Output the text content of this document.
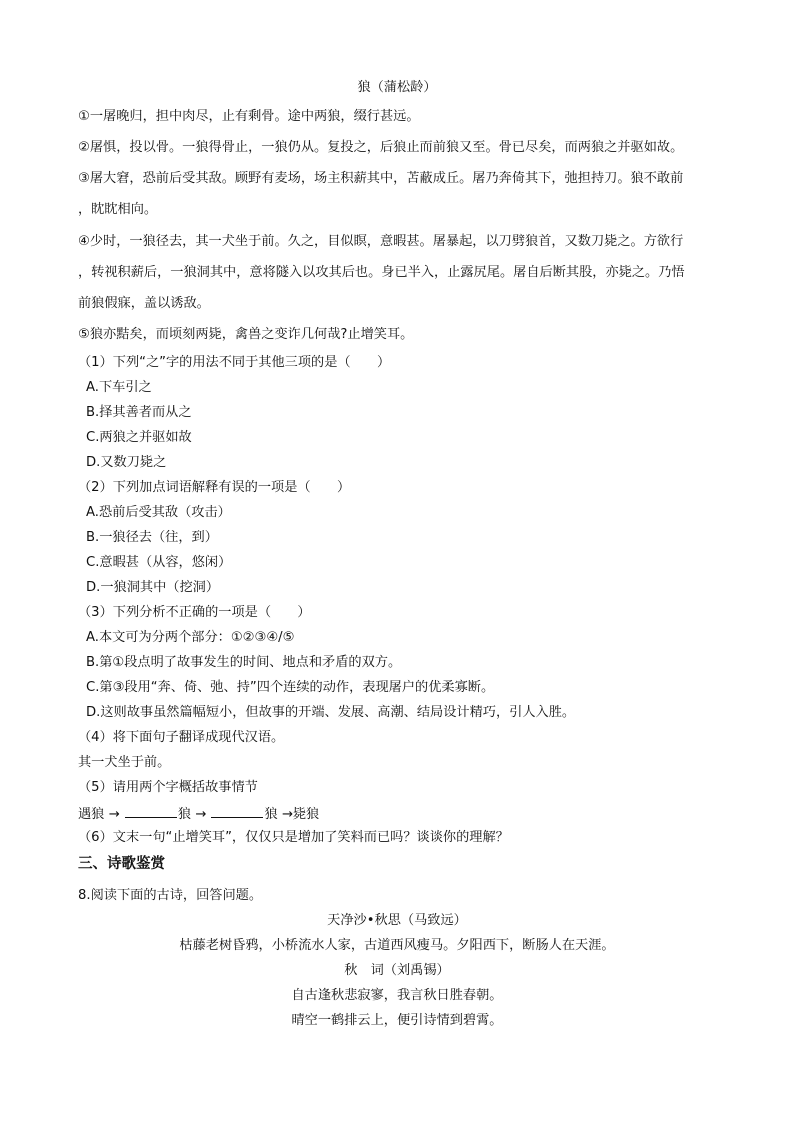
狼（蒲松龄）
①一屠晚归，担中肉尽，止有剩骨。途中两狼，缀行甚远。
②屠惧，投以骨。一狼得骨止，一狼仍从。复投之，后狼止而前狼又至。骨已尽矣，而两狼之并驱如故。
③屠大窘，恐前后受其敌。顾野有麦场，场主积薪其中，苫蔽成丘。屠乃奔倚其下，弛担持刀。狼不敢前
，眈眈相向。
④少时，一狼径去，其一犬坐于前。久之，目似瞑，意暇甚。屠暴起，以刀劈狼首，又数刀毙之。方欲行
，转视积薪后，一狼洞其中，意将隧入以攻其后也。身已半入，止露尻尾。屠自后断其股，亦毙之。乃悟
前狼假寐，盖以诱敌。
⑤狼亦黠矣，而顷刻两毙，禽兽之变诈几何哉?止增笑耳。
（1）下列“之”字的用法不同于其他三项的是（　　）
A.下车引之
B.择其善者而从之
C.两狼之并驱如故
D.又数刀毙之
（2）下列加点词语解释有误的一项是（　　）
A.恐前后受其敌（攻击）
B.一狼径去（往，到）
C.意暇甚（从容，悠闲）
D.一狼洞其中（挖洞）
（3）下列分析不正确的一项是（　　）
A.本文可为分两个部分：①②③④/⑤
B.第①段点明了故事发生的时间、地点和矛盾的双方。
C.第③段用“奔、倚、弛、持”四个连续的动作，表现屠户的优柔寡断。
D.这则故事虽然篇幅短小，但故事的开端、发展、高潮、结局设计精巧，引人入胜。
（4）将下面句子翻译成现代汉语。
其一犬坐于前。
（5）请用两个字概括故事情节
遇狼 →	狼 →	狼 →毙狼
（6）文末一句“止增笑耳”，仅仅只是增加了笑料而已吗？谈谈你的理解？
三、诗歌鉴赏
8.阅读下面的古诗，回答问题。
天净沙•秋思（马致远）
枯藤老树昏鸦，小桥流水人家，古道西风瘦马。夕阳西下，断肠人在天涯。
秋　词（刘禹锡）
自古逢秋悲寂寥，我言秋日胜春朝。
晴空一鹤排云上，便引诗情到碧霄。
